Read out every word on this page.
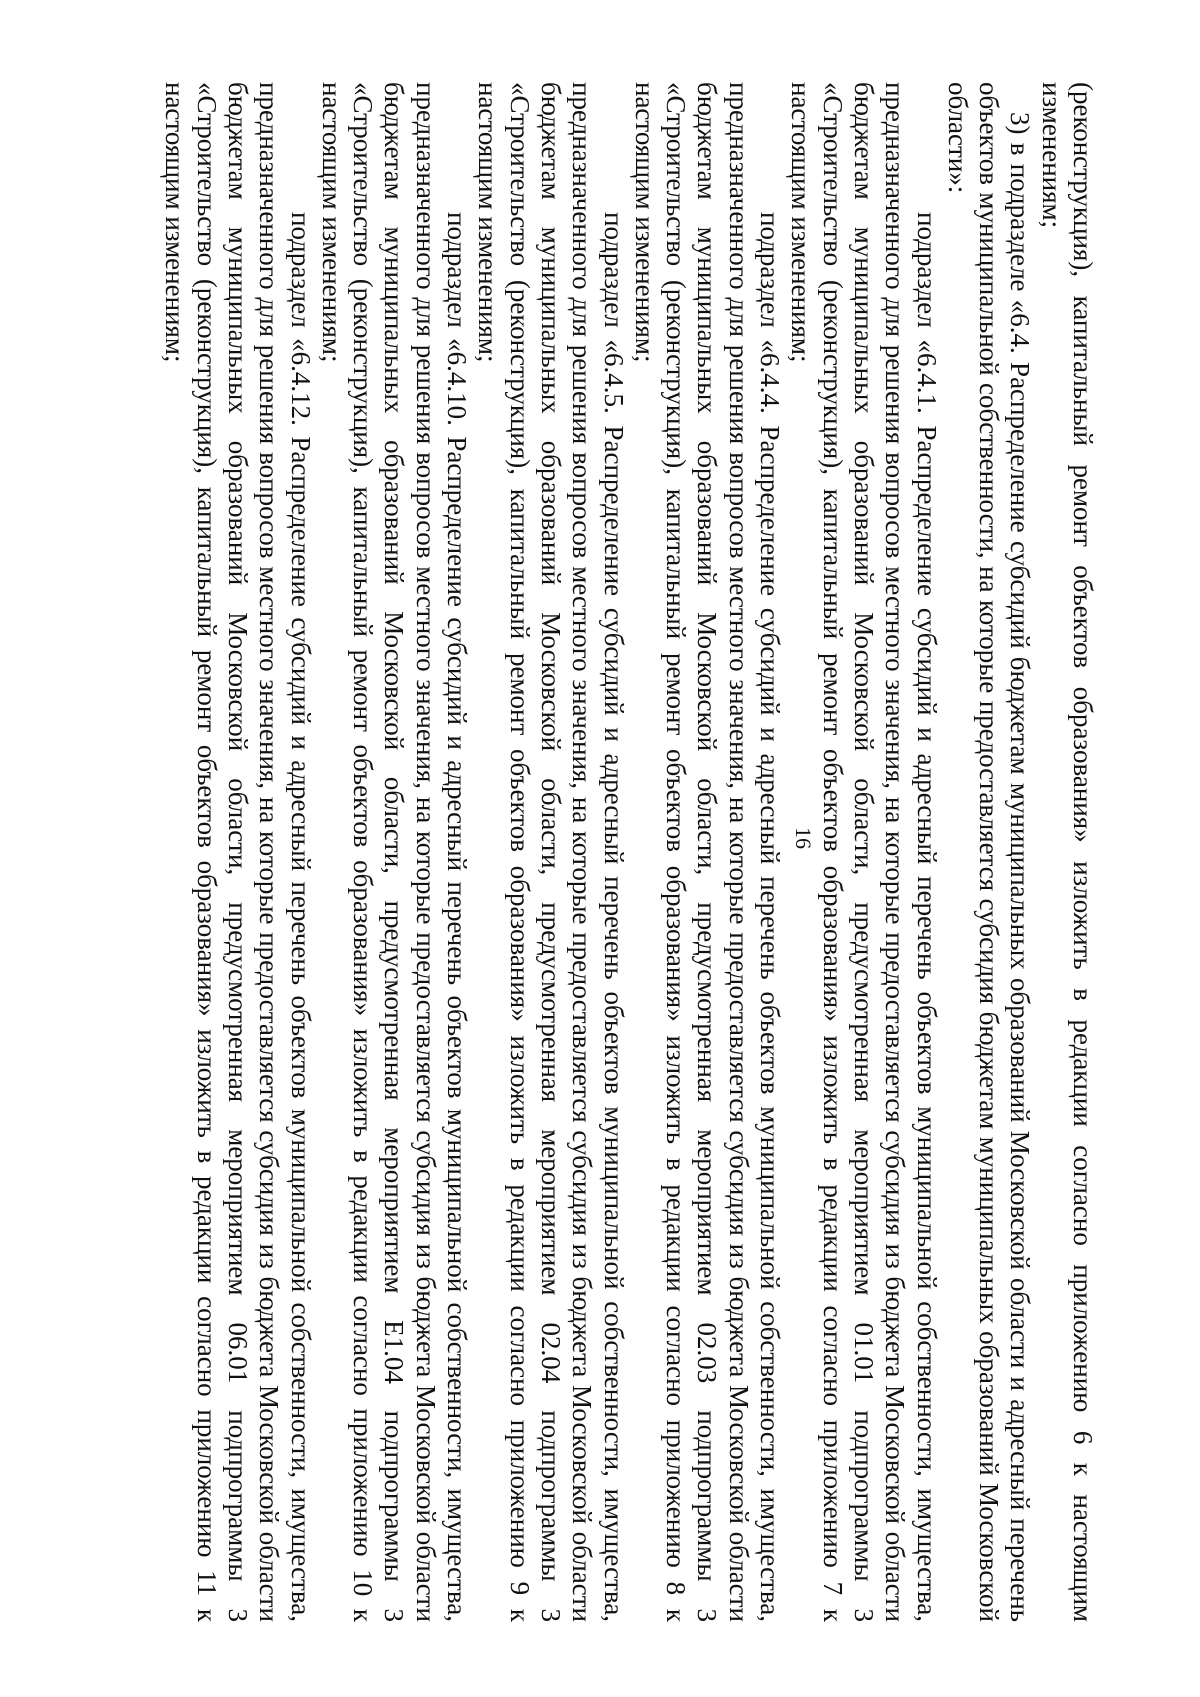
16	(реконструкция), капитальный ремонт объектов образования» изложить в редакции согласно приложению 6 к настоящим изменениям;

3) в подразделе «6.4. Распределение субсидий бюджетам муниципальных образований Московской области и адресный перечень объектов муниципальной собственности, на которые предоставляется субсидия бюджетам муниципальных образований Московской области»:

подраздел «6.4.1. Распределение субсидий и адресный перечень объектов муниципальной собственности, имущества, предназначенного для решения вопросов местного значения, на которые предоставляется субсидия из бюджета Московской области бюджетам муниципальных образований Московской области, предусмотренная мероприятием 01.01 подпрограммы 3 «Строительство (реконструкция), капитальный ремонт объектов образования» изложить в редакции согласно приложению 7 к настоящим изменениям;

подраздел «6.4.4. Распределение субсидий и адресный перечень объектов муниципальной собственности, имущества, предназначенного для решения вопросов местного значения, на которые предоставляется субсидия из бюджета Московской области бюджетам муниципальных образований Московской области, предусмотренная мероприятием 02.03 подпрограммы 3 «Строительство (реконструкция), капитальный ремонт объектов образования» изложить в редакции согласно приложению 8 к настоящим изменениям;

подраздел «6.4.5. Распределение субсидий и адресный перечень объектов муниципальной собственности, имущества, предназначенного для решения вопросов местного значения, на которые предоставляется субсидия из бюджета Московской области бюджетам муниципальных образований Московской области, предусмотренная мероприятием 02.04 подпрограммы 3 «Строительство (реконструкция), капитальный ремонт объектов образования» изложить в редакции согласно приложению 9 к настоящим изменениям;

подраздел «6.4.10. Распределение субсидий и адресный перечень объектов муниципальной собственности, имущества, предназначенного для решения вопросов местного значения, на которые предоставляется субсидия из бюджета Московской области бюджетам муниципальных образований Московской области, предусмотренная мероприятием Е1.04 подпрограммы 3 «Строительство (реконструкция), капитальный ремонт объектов образования» изложить в редакции согласно приложению 10 к настоящим изменениям;

подраздел «6.4.12. Распределение субсидий и адресный перечень объектов муниципальной собственности, имущества, предназначенного для решения вопросов местного значения, на которые предоставляется субсидия из бюджета Московской области бюджетам муниципальных образований Московской области, предусмотренная мероприятием 06.01 подпрограммы 3 «Строительство (реконструкция), капитальный ремонт объектов образования» изложить в редакции согласно приложению 11 к настоящим изменениям;
